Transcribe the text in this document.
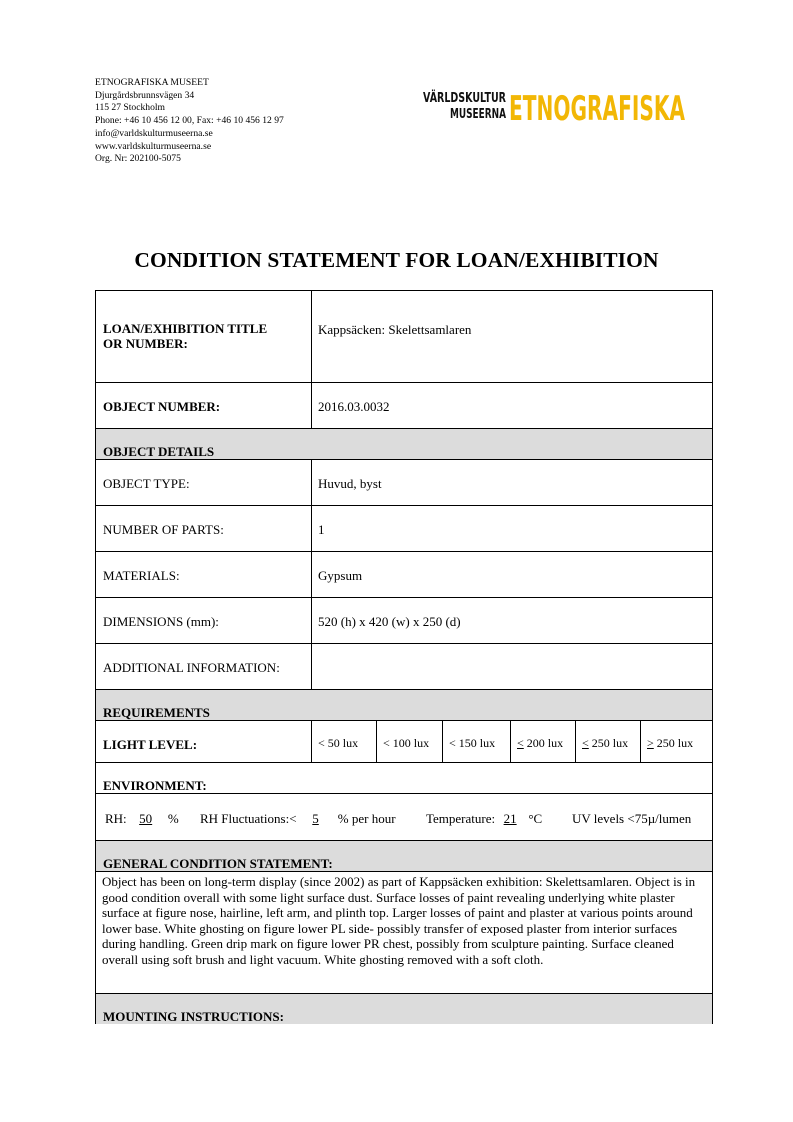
ETNOGRAFISKA MUSEET
Djurgårdsbrunnsvägen 34
115 27 Stockholm
Phone: +46 10 456 12 00, Fax: +46 10 456 12 97
info@varldskulturmuseerna.se
www.varldskulturmuseerna.se
Org. Nr: 202100-5075
VÄRLDSKULTUR
MUSEERNA ETNOGRAFISKA
CONDITION STATEMENT FOR LOAN/EXHIBITION
LOAN/EXHIBITION TITLE
OR NUMBER:
Kappsäcken: Skelettsamlaren
OBJECT NUMBER:	2016.03.0032
OBJECT DETAILS
OBJECT TYPE:	Huvud, byst
NUMBER OF PARTS:	1
MATERIALS:	Gypsum
DIMENSIONS (mm):	520 (h) x 420 (w) x 250 (d)
ADDITIONAL INFORMATION:
REQUIREMENTS
LIGHT LEVEL:	< 50 lux	< 100 lux	< 150 lux	< 200 lux	< 250 lux	> 250 lux
ENVIRONMENT:
RH: 50 % RH Fluctuations:< 5 % per hour Temperature: 21 °C UV levels <75µ/lumen
GENERAL CONDITION STATEMENT:
Object has been on long-term display (since 2002) as part of Kappsäcken exhibition: Skelettsamlaren. Object is in good condition overall with some light surface dust. Surface losses of paint revealing underlying white plaster surface at figure nose, hairline, left arm, and plinth top. Larger losses of paint and plaster at various points around lower base. White ghosting on figure lower PL side- possibly transfer of exposed plaster from interior surfaces during handling. Green drip mark on figure lower PR chest, possibly from sculpture painting. Surface cleaned overall using soft brush and light vacuum. White ghosting removed with a soft cloth.
MOUNTING INSTRUCTIONS:
